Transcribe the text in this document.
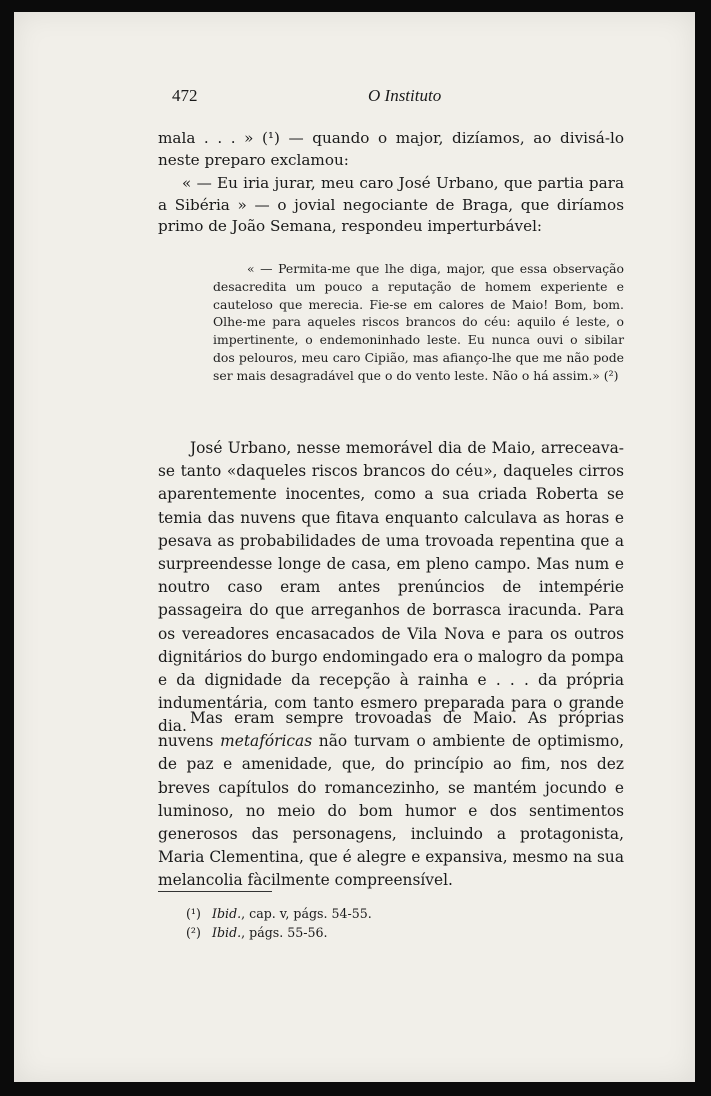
472	O Instituto

mala . . . » (¹) — quando o major, dizíamos, ao divisá-lo neste preparo exclamou:

« — Eu iria jurar, meu caro José Urbano, que partia para a Sibéria » — o jovial negociante de Braga, que diríamos primo de João Semana, respondeu imperturbável:

« — Permita-me que lhe diga, major, que essa observação desacredita um pouco a reputação de homem experiente e cauteloso que merecia. Fie-se em calores de Maio! Bom, bom. Olhe-me para aqueles riscos brancos do céu: aquilo é leste, o impertinente, o endemoninhado leste. Eu nunca ouvi o sibilar dos pelouros, meu caro Cipião, mas afianço-lhe que me não pode ser mais desagradável que o do vento leste. Não o há assim.» (²)

José Urbano, nesse memorável dia de Maio, arreceava-se tanto «daqueles riscos brancos do céu», daqueles cirros aparentemente inocentes, como a sua criada Roberta se temia das nuvens que fitava enquanto calculava as horas e pesava as probabilidades de uma trovoada repentina que a surpreendesse longe de casa, em pleno campo. Mas num e noutro caso eram antes prenúncios de intempérie passageira do que arreganhos de borrasca iracunda. Para os vereadores encasacados de Vila Nova e para os outros dignitários do burgo endomingado era o malogro da pompa e da dignidade da recepção à rainha e . . . da própria indumentária, com tanto esmero preparada para o grande dia. Mas eram sempre trovoadas de Maio. As próprias nuvens metafóricas não turvam o ambiente de optimismo, de paz e amenidade, que, do princípio ao fim, nos dez breves capítulos do romancezinho, se mantém jocundo e luminoso, no meio do bom humor e dos sentimentos generosos das personagens, incluindo a protagonista, Maria Clementina, que é alegre e expansiva, mesmo na sua melancolia fàcilmente compreensível.

(¹) Ibid., cap. v, págs. 54-55.
(²) Ibid., págs. 55-56.
